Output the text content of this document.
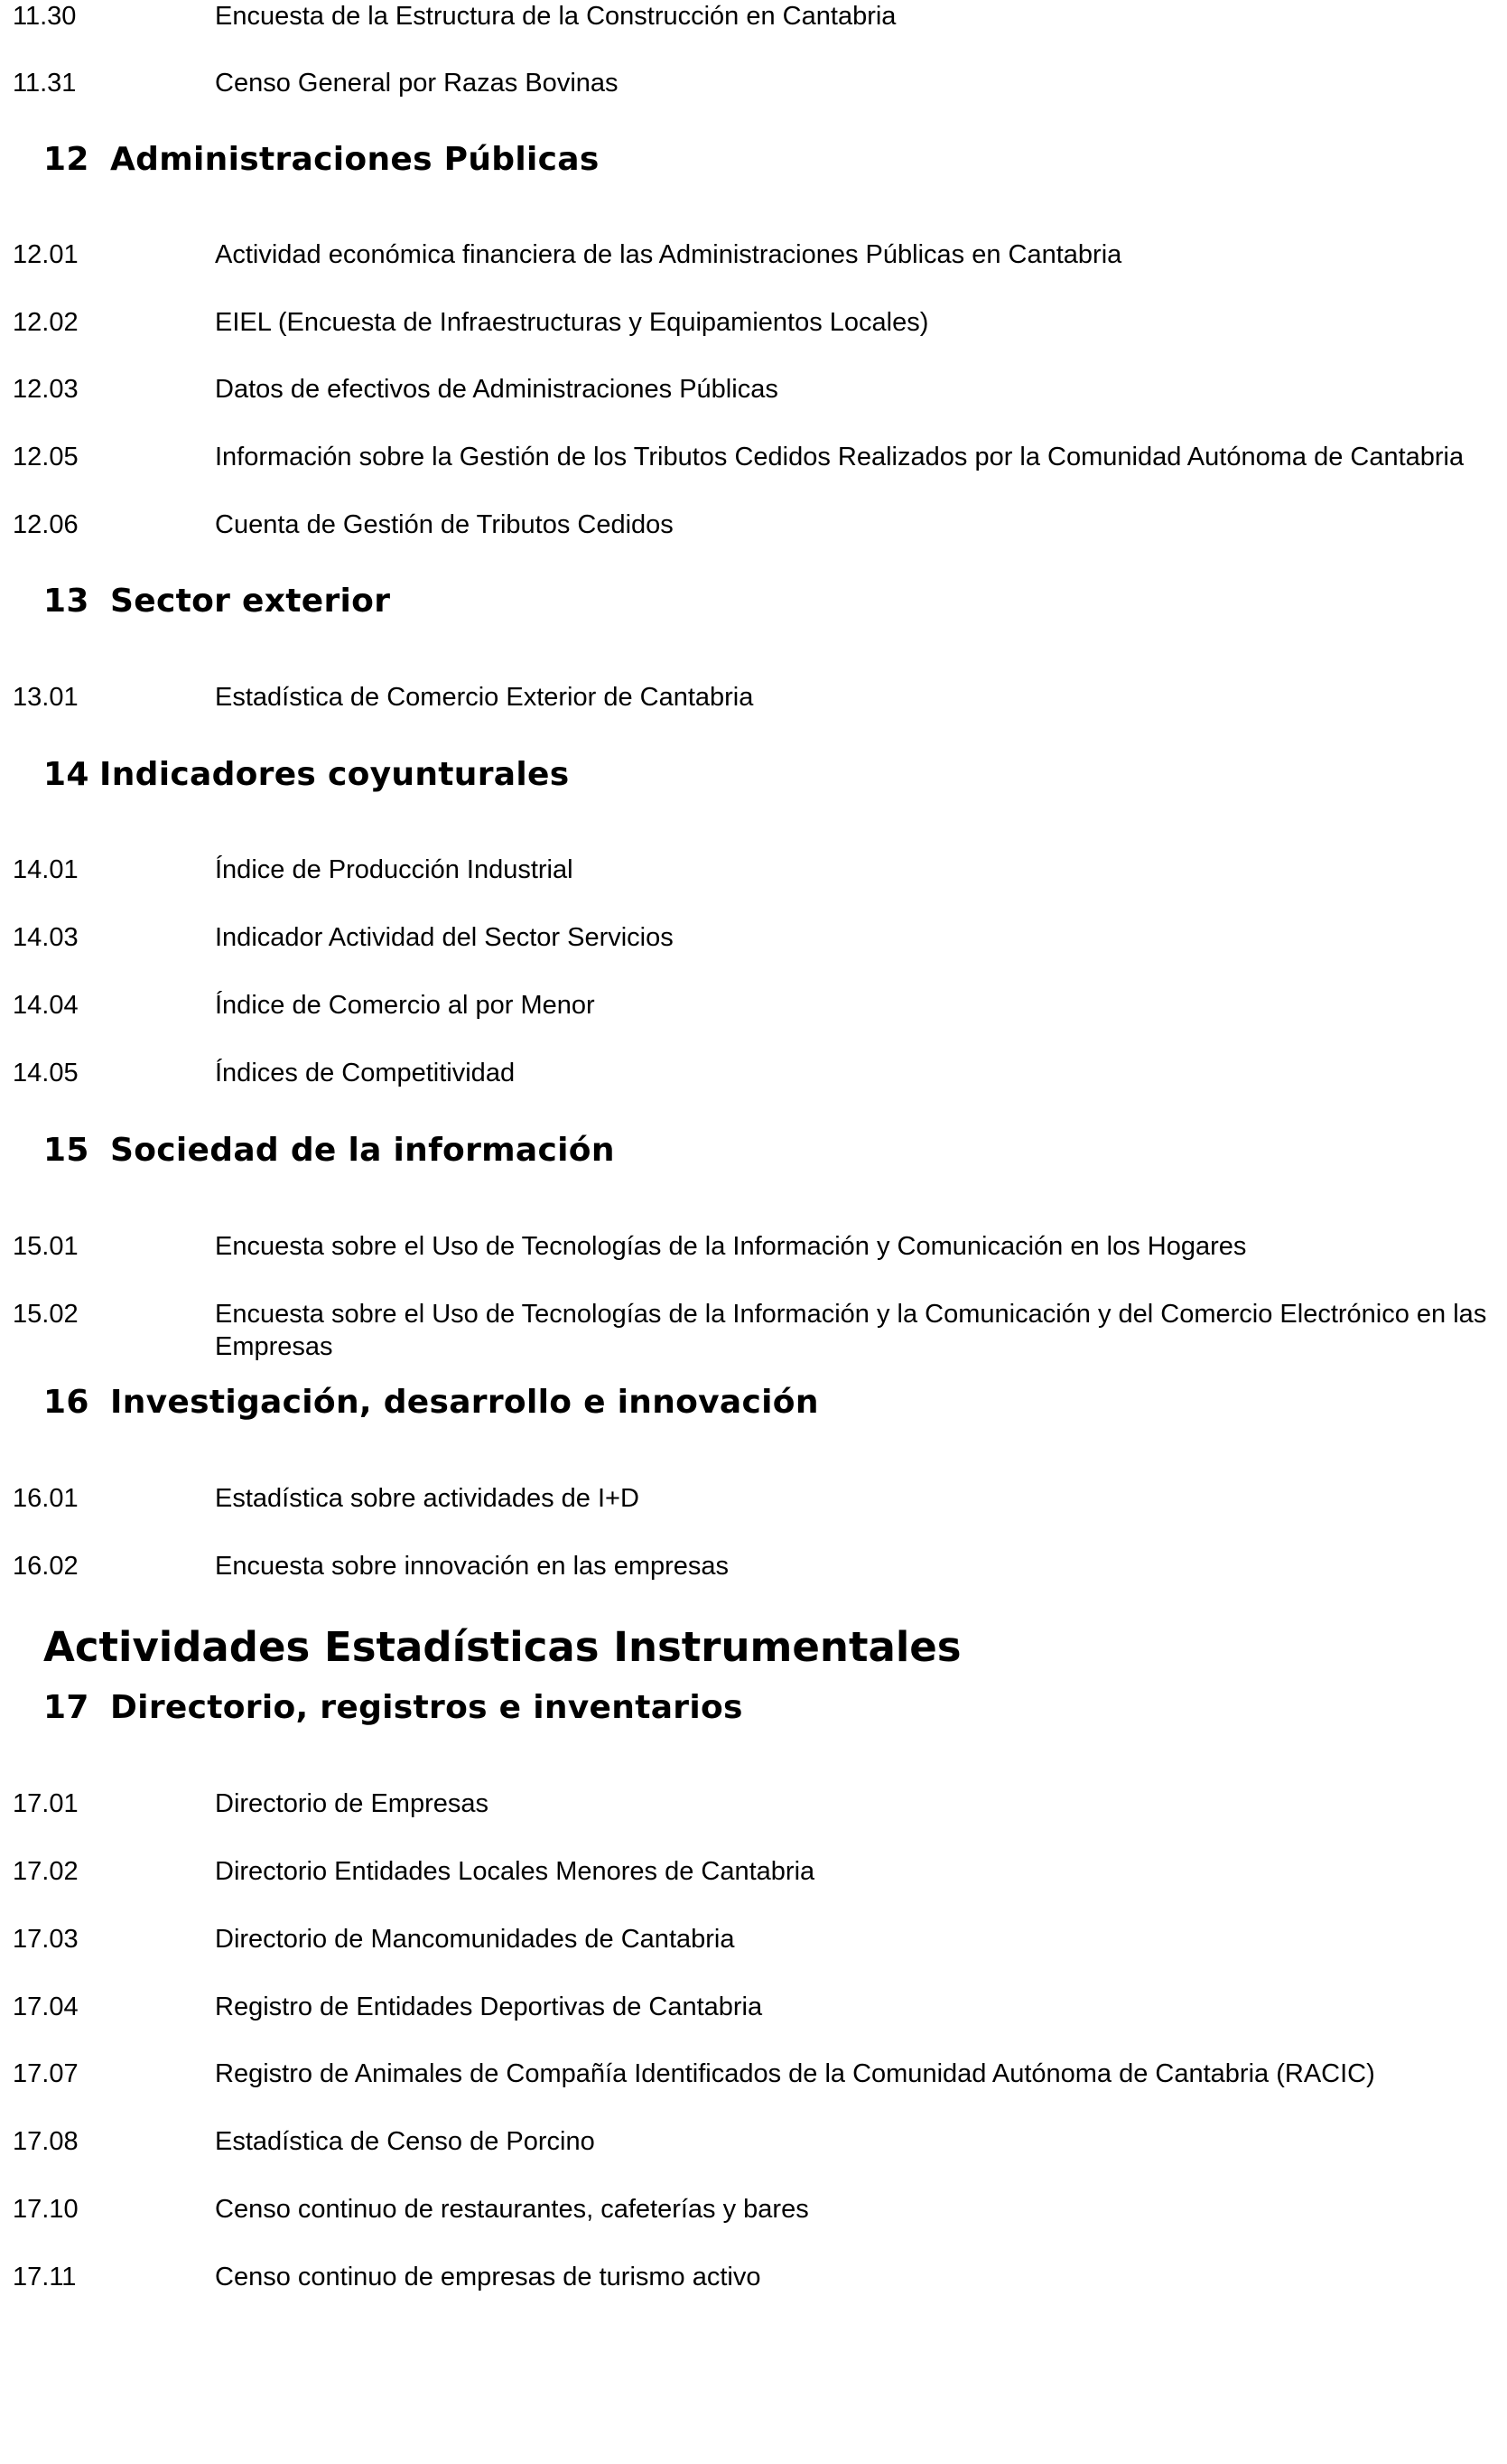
11.30	Encuesta de la Estructura de la Construcción en Cantabria
11.31	Censo General por Razas Bovinas
12 Administraciones Públicas
12.01	Actividad económica financiera de las Administraciones Públicas en Cantabria
12.02	EIEL (Encuesta de Infraestructuras y Equipamientos Locales)
12.03	Datos de efectivos de Administraciones Públicas
12.05	Información sobre la Gestión de los Tributos Cedidos Realizados por la Comunidad Autónoma de Cantabria
12.06	Cuenta de Gestión de Tributos Cedidos
13 Sector exterior
13.01	Estadística de Comercio Exterior de Cantabria
14 Indicadores coyunturales
14.01	Índice de Producción Industrial
14.03	Indicador Actividad del Sector Servicios
14.04	Índice de Comercio al por Menor
14.05	Índices de Competitividad
15 Sociedad de la información
15.01	Encuesta sobre el Uso de Tecnologías de la Información y Comunicación en los Hogares
15.02	Encuesta sobre el Uso de Tecnologías de la Información y la Comunicación y del Comercio Electrónico en las Empresas
16 Investigación, desarrollo e innovación
16.01	Estadística sobre actividades de I+D
16.02	Encuesta sobre innovación en las empresas
Actividades Estadísticas Instrumentales
17 Directorio, registros e inventarios
17.01	Directorio de Empresas
17.02	Directorio Entidades Locales Menores de Cantabria
17.03	Directorio de Mancomunidades de Cantabria
17.04	Registro de Entidades Deportivas de Cantabria
17.07	Registro de Animales de Compañía Identificados de la Comunidad Autónoma de Cantabria (RACIC)
17.08	Estadística de Censo de Porcino
17.10	Censo continuo de restaurantes, cafeterías y bares
17.11	Censo continuo de empresas de turismo activo
